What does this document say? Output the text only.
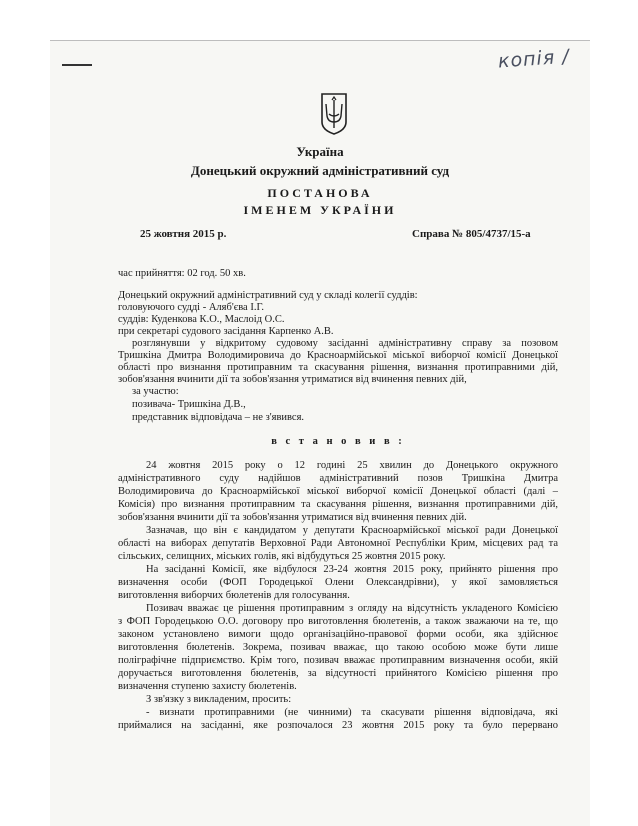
копія /
Україна
Донецький окружний адміністративний суд
ПОСТАНОВА
ІМЕНЕМ УКРАЇНИ
25 жовтня 2015 р.	Справа № 805/4737/15-а
час прийняття: 02 год. 50 хв.
Донецький окружний адміністративний суд у складі колегії суддів:
головуючого судді - Аляб'єва І.Г.
суддів: Куденкова К.О., Маслоід О.С.
при секретарі судового засідання Карпенко А.В.
розглянувши у відкритому судовому засіданні адміністративну справу за позовом
Тришкіна Дмитра Володимировича до Красноармійської міської виборчої комісії Донецької
області про визнання протиправним та скасування рішення, визнання протиправними дій,
зобов'язання вчинити дії та зобов'язання утриматися від вчинення певних дій,
за участю:
позивача- Тришкіна Д.В.,
представник відповідача – не з'явився.
в с т а н о в и в :
24 жовтня 2015 року о 12 годині 25 хвилин до Донецького окружного
адміністративного суду надійшов адміністративний позов Тришкіна Дмитра
Володимировича до Красноармійської міської виборчої комісії Донецької області (далі –
Комісія) про визнання протиправним та скасування рішення, визнання протиправними дій,
зобов'язання вчинити дії та зобов'язання утриматися від вчинення певних дій.
Зазначав, що він є кандидатом у депутати Красноармійської міської ради Донецької
області на виборах депутатів Верховної Ради Автономної Республіки Крим, місцевих рад та
сільських, селищних, міських голів, які відбудуться 25 жовтня 2015 року.
На засіданні Комісії, яке відбулося 23-24 жовтня 2015 року, прийнято рішення про
визначення особи (ФОП Городецької Олени Олександрівни), у якої замовляється
виготовлення виборчих бюлетенів для голосування.
Позивач вважає це рішення протиправним з огляду на відсутність укладеного Комісією
з ФОП Городецькою О.О. договору про виготовлення бюлетенів, а також зважаючи на те, що
законом установлено вимоги щодо організаційно-правової форми особи, яка здійснює
виготовлення бюлетенів. Зокрема, позивач вважає, що такою особою може бути лише
поліграфічне підприємство. Крім того, позивач вважає протиправним визначення особи, якій
доручається виготовлення бюлетенів, за відсутності прийнятого Комісією рішення про
визначення ступеню захисту бюлетенів.
З зв'язку з викладеним, просить:
- визнати протиправними (не чинними) та скасувати рішення відповідача, які
приймалися на засіданні, яке розпочалося 23 жовтня 2015 року та було перервано
